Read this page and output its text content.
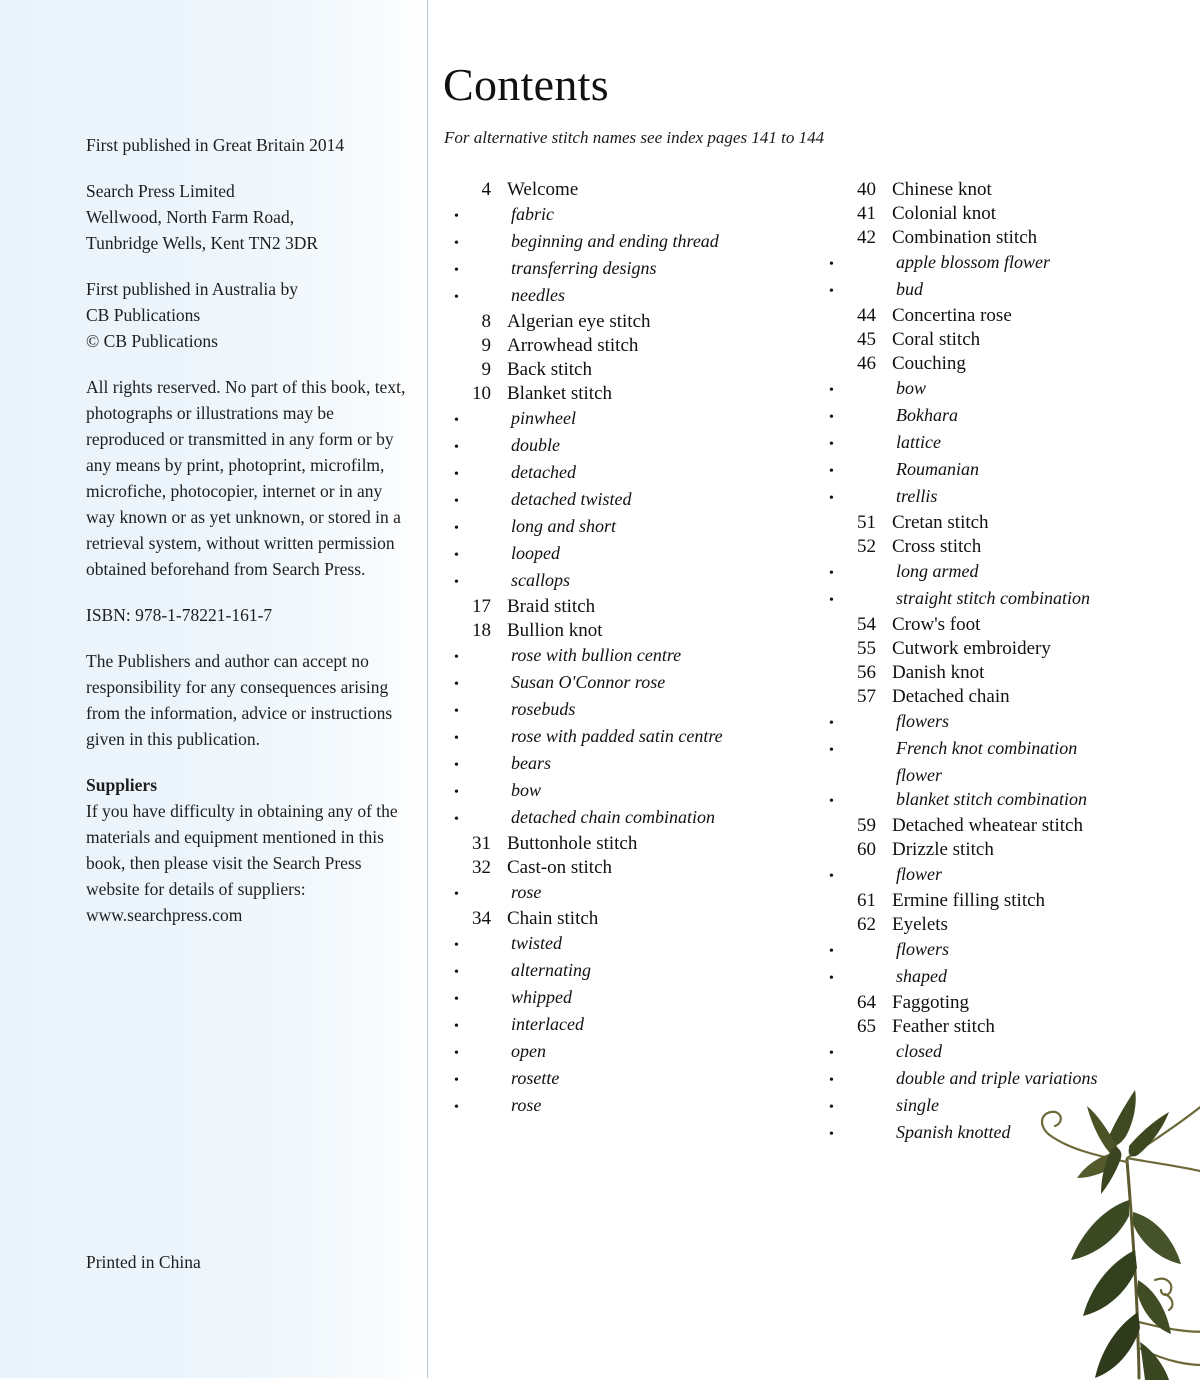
First published in Great Britain 2014

Search Press Limited
Wellwood, North Farm Road,
Tunbridge Wells, Kent TN2 3DR

First published in Australia by
CB Publications
© CB Publications

All rights reserved. No part of this book, text, photographs or illustrations may be reproduced or transmitted in any form or by any means by print, photoprint, microfilm, microfiche, photocopier, internet or in any way known or as yet unknown, or stored in a retrieval system, without written permission obtained beforehand from Search Press.

ISBN: 978-1-78221-161-7

The Publishers and author can accept no responsibility for any consequences arising from the information, advice or instructions given in this publication.

Suppliers

If you have difficulty in obtaining any of the materials and equipment mentioned in this book, then please visit the Search Press website for details of suppliers:
www.searchpress.com

Printed in China
Contents
For alternative stitch names see index pages 141 to 144
4 Welcome
•	fabric
•	beginning and ending thread
•	transferring designs
•	needles
8 Algerian eye stitch
9 Arrowhead stitch
9 Back stitch
10 Blanket stitch
•	pinwheel
•	double
•	detached
•	detached twisted
•	long and short
•	looped
•	scallops
17 Braid stitch
18 Bullion knot
•	rose with bullion centre
•	Susan O'Connor rose
•	rosebuds
•	rose with padded satin centre
•	bears
•	bow
•	detached chain combination
31 Buttonhole stitch
32 Cast-on stitch
•	rose
34 Chain stitch
•	twisted
•	alternating
•	whipped
•	interlaced
•	open
•	rosette
•	rose
40 Chinese knot
41 Colonial knot
42 Combination stitch
•	apple blossom flower
•	bud
44 Concertina rose
45 Coral stitch
46 Couching
•	bow
•	Bokhara
•	lattice
•	Roumanian
•	trellis
51 Cretan stitch
52 Cross stitch
•	long armed
•	straight stitch combination
54 Crow's foot
55 Cutwork embroidery
56 Danish knot
57 Detached chain
•	flowers
•	French knot combination
flower
•	blanket stitch combination
59 Detached wheatear stitch
60 Drizzle stitch
•	flower
61 Ermine filling stitch
62 Eyelets
•	flowers
•	shaped
64 Faggoting
65 Feather stitch
•	closed
•	double and triple variations
•	single
•	Spanish knotted
